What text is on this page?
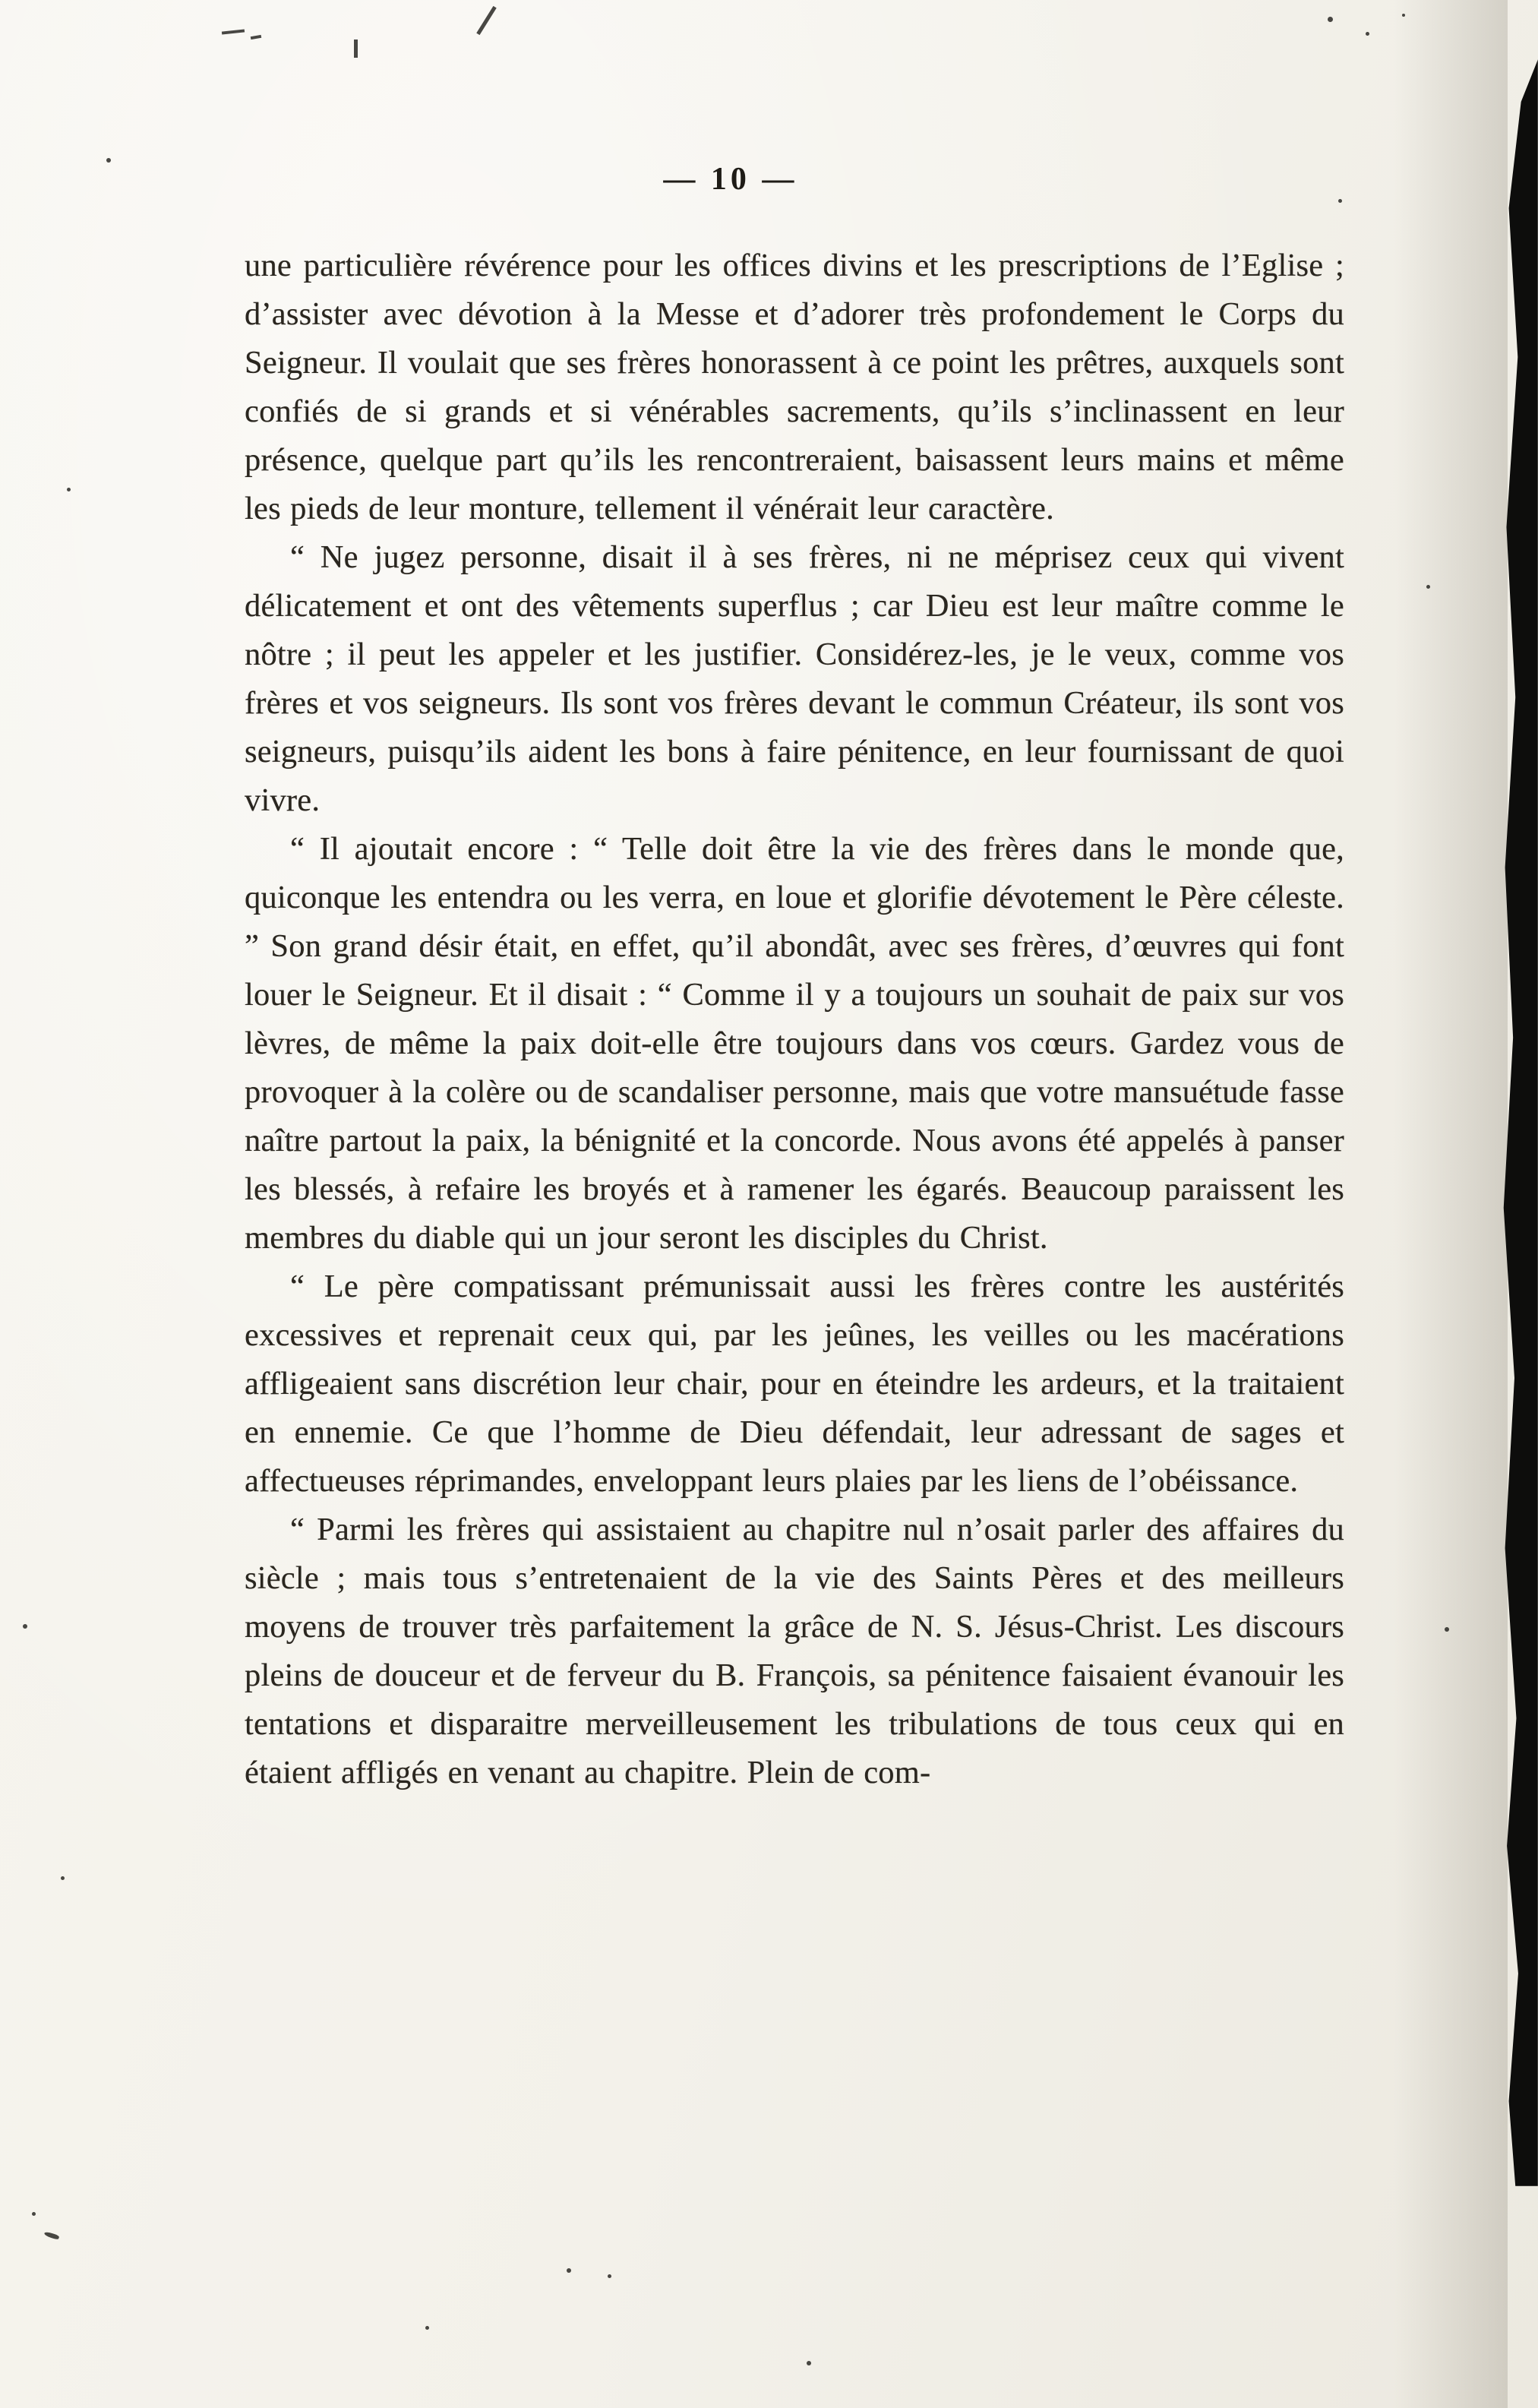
— 10 —

une particulière révérence pour les offices divins et les prescriptions de l’Eglise ; d’assister avec dévotion à la Messe et d’adorer très profondement le Corps du Seigneur. Il voulait que ses frères honorassent à ce point les prêtres, auxquels sont confiés de si grands et si vénérables sacrements, qu’ils s’inclinassent en leur présence, quelque part qu’ils les rencontreraient, baisassent leurs mains et même les pieds de leur monture, tellement il vénérait leur caractère.

“ Ne jugez personne, disait il à ses frères, ni ne méprisez ceux qui vivent délicatement et ont des vêtements superflus ; car Dieu est leur maître comme le nôtre ; il peut les appeler et les justifier. Considérez-les, je le veux, comme vos frères et vos seigneurs. Ils sont vos frères devant le commun Créateur, ils sont vos seigneurs, puisqu’ils aident les bons à faire pénitence, en leur fournissant de quoi vivre.

“ Il ajoutait encore : “ Telle doit être la vie des frères dans le monde que, quiconque les entendra ou les verra, en loue et glorifie dévotement le Père céleste. ” Son grand désir était, en effet, qu’il abondât, avec ses frères, d’œuvres qui font louer le Seigneur. Et il disait : “ Comme il y a toujours un souhait de paix sur vos lèvres, de même la paix doit-elle être toujours dans vos cœurs. Gardez vous de provoquer à la colère ou de scandaliser personne, mais que votre mansuétude fasse naître partout la paix, la bénignité et la concorde. Nous avons été appelés à panser les blessés, à refaire les broyés et à ramener les égarés. Beaucoup paraissent les membres du diable qui un jour seront les disciples du Christ.

“ Le père compatissant prémunissait aussi les frères contre les austérités excessives et reprenait ceux qui, par les jeûnes, les veilles ou les macérations affligeaient sans discrétion leur chair, pour en éteindre les ardeurs, et la traitaient en ennemie. Ce que l’homme de Dieu défendait, leur adressant de sages et affectueuses réprimandes, enveloppant leurs plaies par les liens de l’obéissance.

“ Parmi les frères qui assistaient au chapitre nul n’osait parler des affaires du siècle ; mais tous s’entretenaient de la vie des Saints Pères et des meilleurs moyens de trouver très parfaitement la grâce de N. S. Jésus-Christ. Les discours pleins de douceur et de ferveur du B. François, sa pénitence faisaient évanouir les tentations et disparaitre merveilleusement les tribulations de tous ceux qui en étaient affligés en venant au chapitre. Plein de com-
